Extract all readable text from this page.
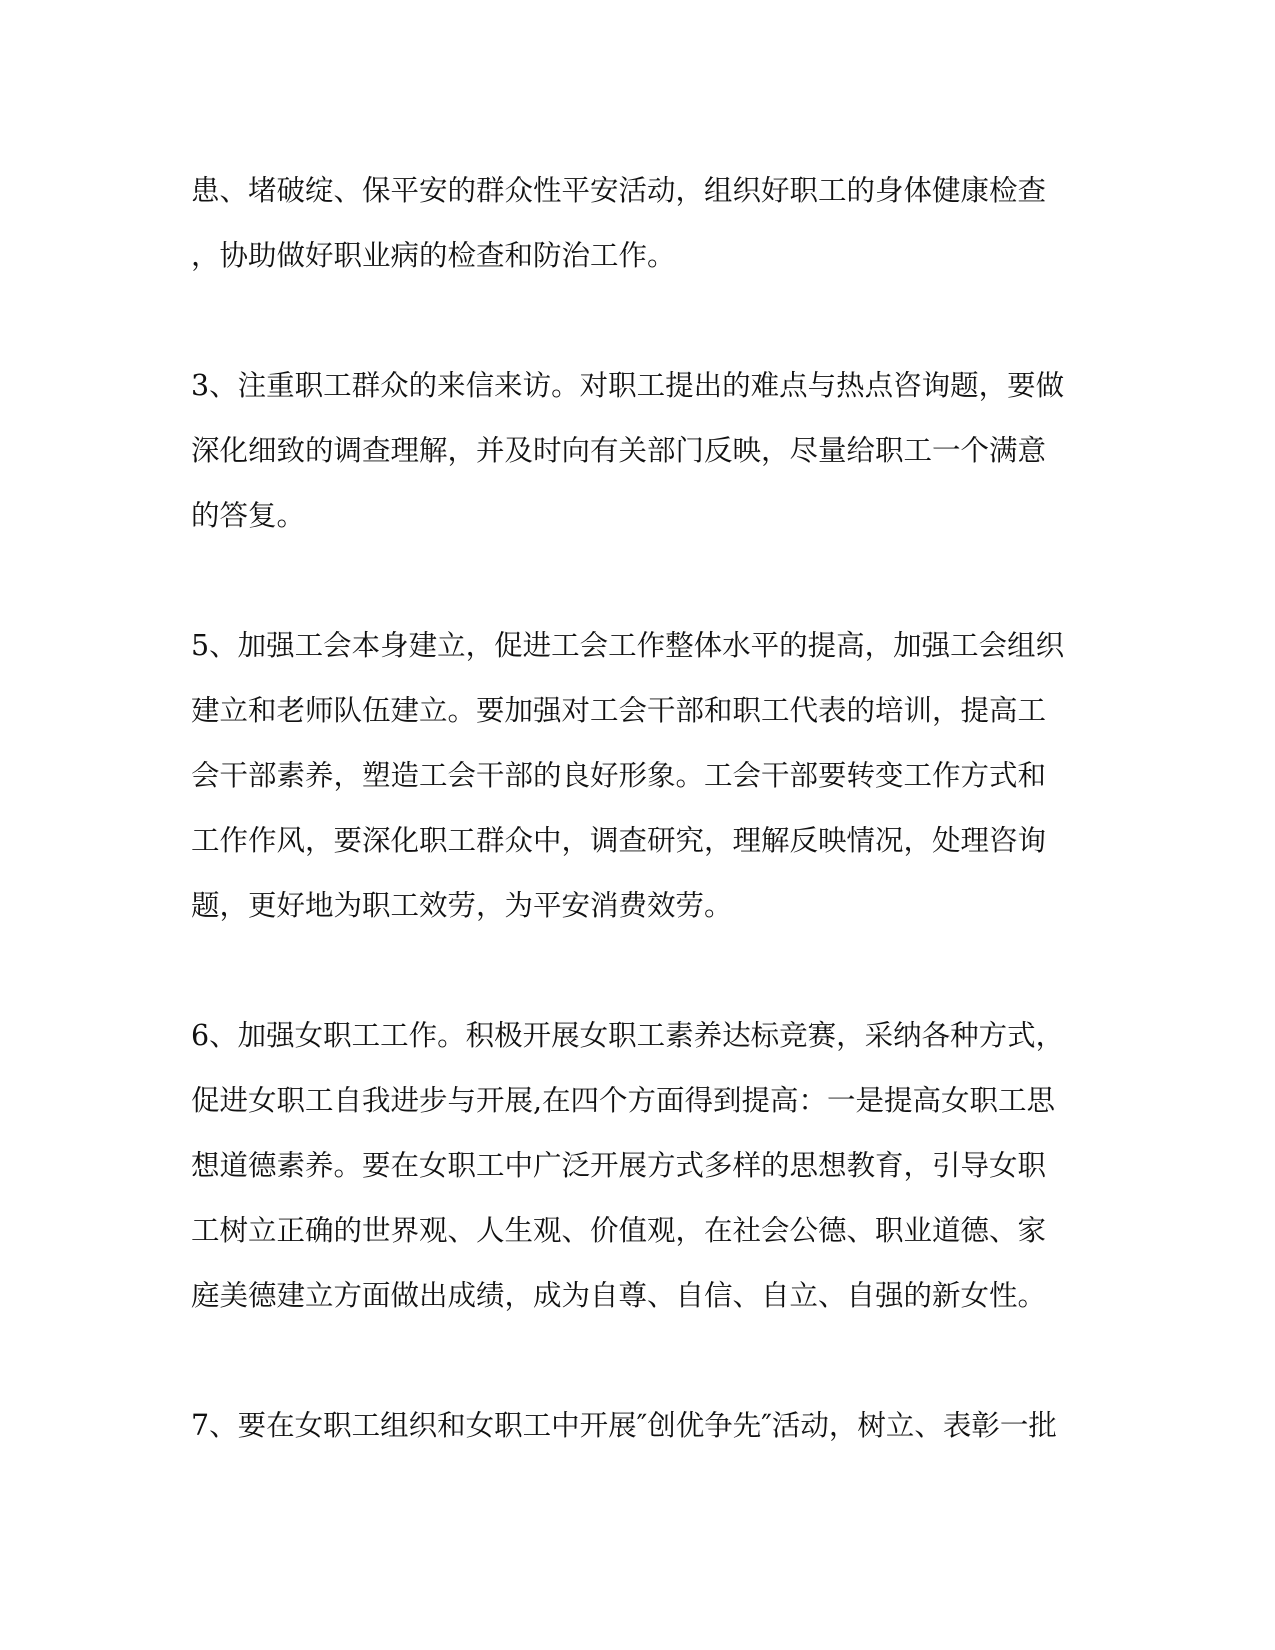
患、堵破绽、保平安的群众性平安活动，组织好职工的身体健康检查
，协助做好职业病的检查和防治工作。
3、注重职工群众的来信来访。对职工提出的难点与热点咨询题，要做
深化细致的调查理解，并及时向有关部门反映，尽量给职工一个满意
的答复。
5、加强工会本身建立，促进工会工作整体水平的提高，加强工会组织
建立和老师队伍建立。要加强对工会干部和职工代表的培训，提高工
会干部素养，塑造工会干部的良好形象。工会干部要转变工作方式和
工作作风，要深化职工群众中，调查研究，理解反映情况，处理咨询
题，更好地为职工效劳，为平安消费效劳。
6、加强女职工工作。积极开展女职工素养达标竞赛，采纳各种方式，
促进女职工自我进步与开展,在四个方面得到提高：一是提高女职工思
想道德素养。要在女职工中广泛开展方式多样的思想教育，引导女职
工树立正确的世界观、人生观、价值观，在社会公德、职业道德、家
庭美德建立方面做出成绩，成为自尊、自信、自立、自强的新女性。
7、要在女职工组织和女职工中开展″创优争先″活动，树立、表彰一批
